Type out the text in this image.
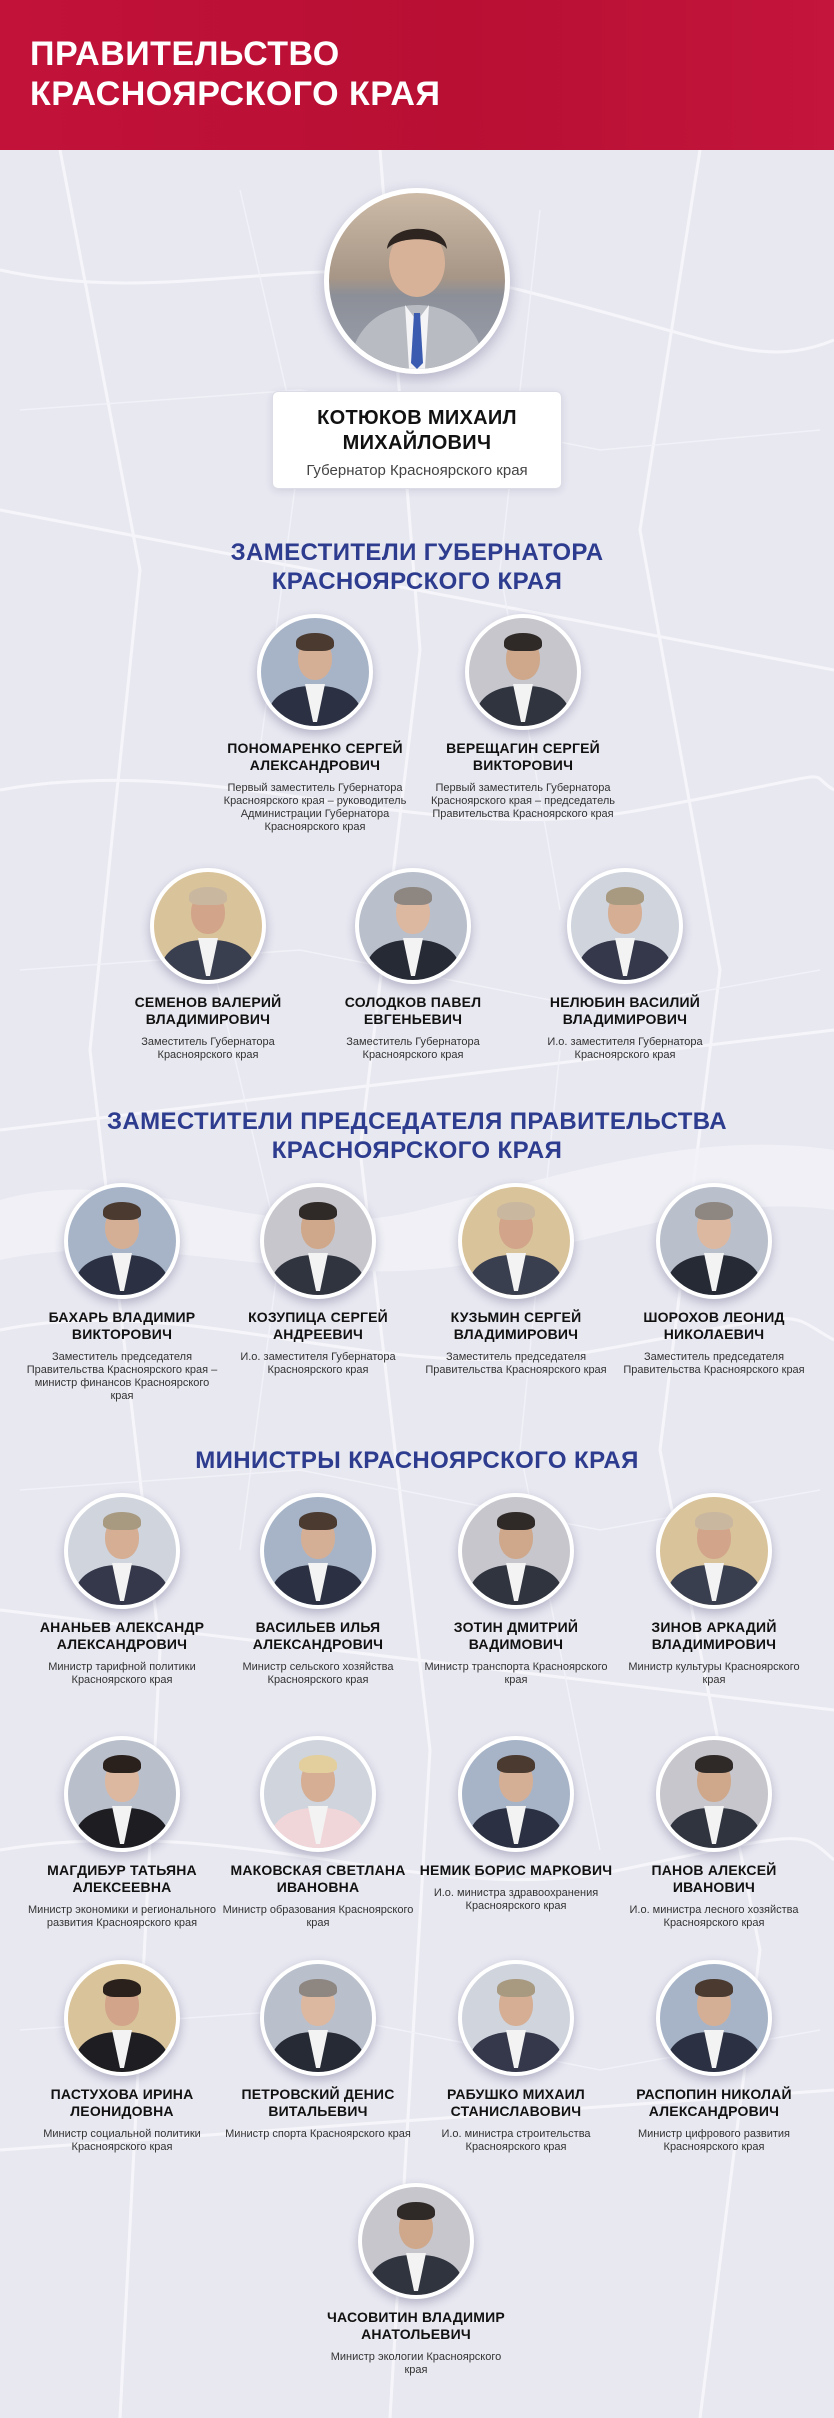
ПРАВИТЕЛЬСТВО КРАСНОЯРСКОГО КРАЯ
КОТЮКОВ МИХАИЛ МИХАЙЛОВИЧ
Губернатор Красноярского края
ЗАМЕСТИТЕЛИ ГУБЕРНАТОРА КРАСНОЯРСКОГО КРАЯ
ЗАМЕСТИТЕЛИ ПРЕДСЕДАТЕЛЯ ПРАВИТЕЛЬСТВА КРАСНОЯРСКОГО КРАЯ
МИНИСТРЫ КРАСНОЯРСКОГО КРАЯ
ПОНОМАРЕНКО СЕРГЕЙ АЛЕКСАНДРОВИЧ
Первый заместитель Губернатора Красноярского края – руководитель Администрации Губернатора Красноярского края
ВЕРЕЩАГИН СЕРГЕЙ ВИКТОРОВИЧ
Первый заместитель Губернатора Красноярского края – председатель Правительства Красноярского края
СЕМЕНОВ ВАЛЕРИЙ ВЛАДИМИРОВИЧ
Заместитель Губернатора Красноярского края
СОЛОДКОВ ПАВЕЛ ЕВГЕНЬЕВИЧ
Заместитель Губернатора Красноярского края
НЕЛЮБИН ВАСИЛИЙ ВЛАДИМИРОВИЧ
И.о. заместителя Губернатора Красноярского края
БАХАРЬ ВЛАДИМИР ВИКТОРОВИЧ
Заместитель председателя Правительства Красноярского края – министр финансов Красноярского края
КОЗУПИЦА СЕРГЕЙ АНДРЕЕВИЧ
И.о. заместителя Губернатора Красноярского края
КУЗЬМИН СЕРГЕЙ ВЛАДИМИРОВИЧ
Заместитель председателя Правительства Красноярского края
ШОРОХОВ ЛЕОНИД НИКОЛАЕВИЧ
Заместитель председателя Правительства Красноярского края
АНАНЬЕВ АЛЕКСАНДР АЛЕКСАНДРОВИЧ
Министр тарифной политики Красноярского края
ВАСИЛЬЕВ ИЛЬЯ АЛЕКСАНДРОВИЧ
Министр сельского хозяйства Красноярского края
ЗОТИН ДМИТРИЙ ВАДИМОВИЧ
Министр транспорта Красноярского края
ЗИНОВ АРКАДИЙ ВЛАДИМИРОВИЧ
Министр культуры Красноярского края
МАГДИБУР ТАТЬЯНА АЛЕКСЕЕВНА
Министр экономики и регионального развития Красноярского края
МАКОВСКАЯ СВЕТЛАНА ИВАНОВНА
Министр образования Красноярского края
НЕМИК БОРИС МАРКОВИЧ
И.о. министра здравоохранения Красноярского края
ПАНОВ АЛЕКСЕЙ ИВАНОВИЧ
И.о. министра лесного хозяйства Красноярского края
ПАСТУХОВА ИРИНА ЛЕОНИДОВНА
Министр социальной политики Красноярского края
ПЕТРОВСКИЙ ДЕНИС ВИТАЛЬЕВИЧ
Министр спорта Красноярского края
РАБУШКО МИХАИЛ СТАНИСЛАВОВИЧ
И.о. министра строительства Красноярского края
РАСПОПИН НИКОЛАЙ АЛЕКСАНДРОВИЧ
Министр цифрового развития Красноярского края
ЧАСОВИТИН ВЛАДИМИР АНАТОЛЬЕВИЧ
Министр экологии Красноярского края
